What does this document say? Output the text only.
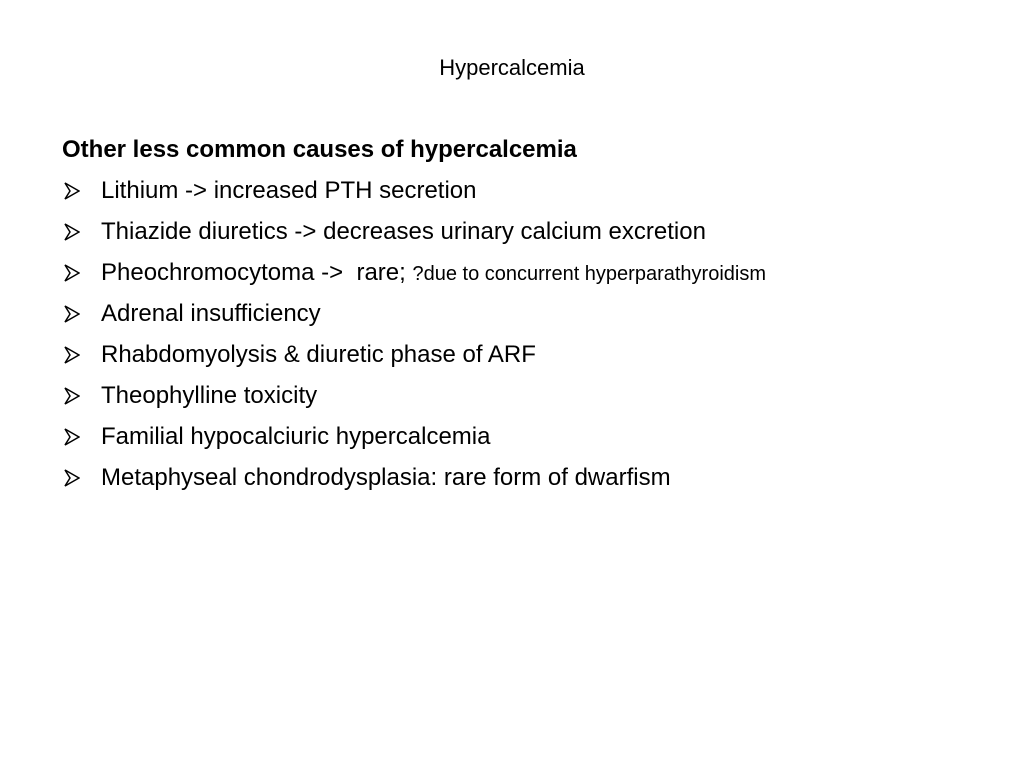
Hypercalcemia
Other less common causes of hypercalcemia
Lithium -> increased PTH secretion
Thiazide diuretics -> decreases urinary calcium excretion
Pheochromocytoma ->  rare; ?due to concurrent hyperparathyroidism
Adrenal insufficiency
Rhabdomyolysis & diuretic phase of ARF
Theophylline toxicity
Familial hypocalciuric hypercalcemia
Metaphyseal chondrodysplasia: rare form of dwarfism
